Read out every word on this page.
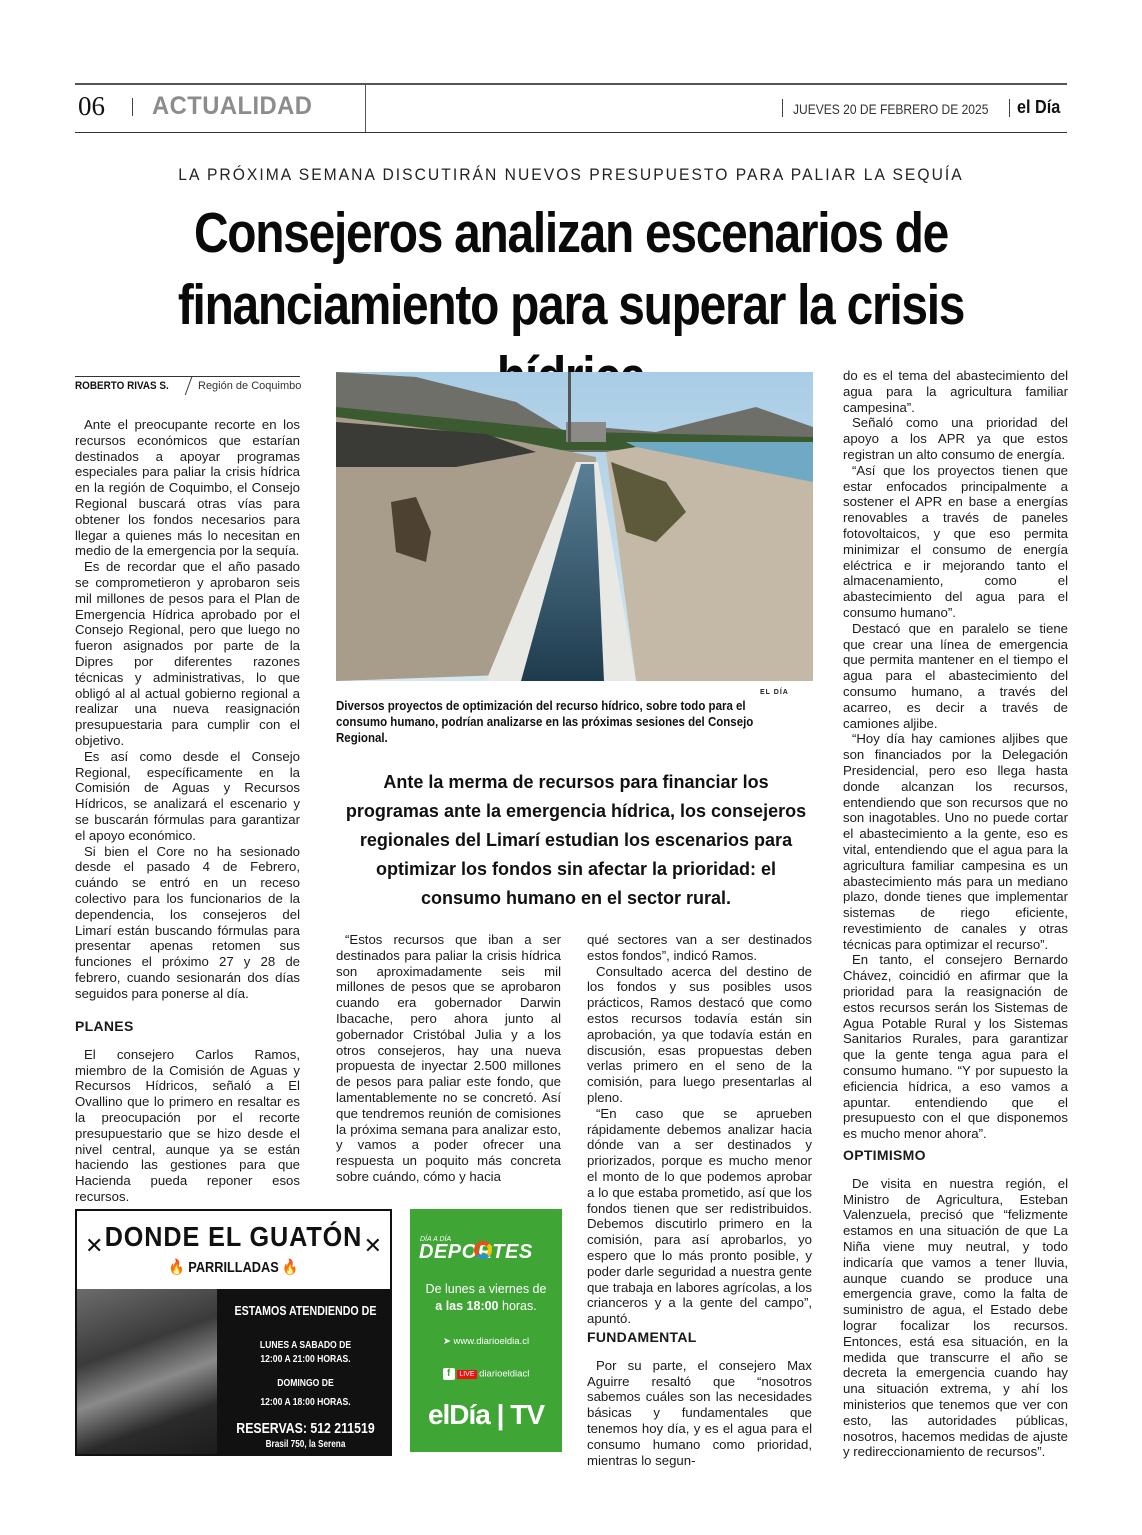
06 ACTUALIDAD	JUEVES 20 DE FEBRERO DE 2025 el Día
LA PRÓXIMA SEMANA DISCUTIRÁN NUEVOS PRESUPUESTO PARA PALIAR LA SEQUÍA
Consejeros analizan escenarios de financiamiento para superar la crisis
ROBERTO RIVAS S.	Región de Coquimbo

Ante el preocupante recorte en los recursos económicos que estarían destinados a apoyar programas especiales para paliar la crisis hídrica en la región de Coquimbo, el Consejo Regional buscará otras vías para obtener los fondos necesarios para llegar a quienes más lo necesitan en medio de la emergencia por la sequía.

Es de recordar que el año pasado se comprometieron y aprobaron seis mil millones de pesos para el Plan de Emergencia Hídrica aprobado por el Consejo Regional, pero que luego no fueron asignados por parte de la Dipres por diferentes razones técnicas y administrativas, lo que obligó al al actual gobierno regional a realizar una nueva reasignación presupuestaria para cumplir con el objetivo.

Es así como desde el Consejo Regional, específicamente en la Comisión de Aguas y Recursos Hídricos, se analizará el escenario y se buscarán fórmulas para garantizar el apoyo económico.

Si bien el Core no ha sesionado desde el pasado 4 de Febrero, cuándo se entró en un receso colectivo para los funcionarios de la dependencia, los consejeros del Limarí están buscando fórmulas para presentar apenas retomen sus funciones el próximo 27 y 28 de febrero, cuando sesionarán dos días seguidos para ponerse al día.

PLANES

El consejero Carlos Ramos, miembro de la Comisión de Aguas y Recursos Hídricos, señaló a El Ovallino que lo primero en resaltar es la preocupación por el recorte presupuestario que se hizo desde el nivel central, aunque ya se están haciendo las gestiones para que Hacienda pueda reponer esos recursos.

EL DÍA
Diversos proyectos de optimización del recurso hídrico, sobre todo para el consumo humano, podrían analizarse en las próximas sesiones del Consejo Regional.
Ante la merma de recursos para financiar los programas ante la emergencia hídrica, los consejeros regionales del Limarí estudian los escenarios para optimizar los fondos sin afectar la prioridad: el consumo humano en el sector rural.

“Estos recursos que iban a ser destinados para paliar la crisis hídrica son aproximadamente seis mil millones de pesos que se aprobaron cuando era gobernador Darwin Ibacache, pero ahora junto al gobernador Cristóbal Julia y a los otros consejeros, hay una nueva propuesta de inyectar 2.500 millones de pesos para paliar este fondo, que lamentablemente no se concretó. Así que tendremos reunión de comisiones la próxima semana para analizar esto, y vamos a poder ofrecer una respuesta un poquito más concreta sobre cuándo, cómo y hacia

qué sectores van a ser destinados estos fondos”, indicó Ramos.

Consultado acerca del destino de los fondos y sus posibles usos prácticos, Ramos destacó que como estos recursos todavía están sin aprobación, ya que todavía están en discusión, esas propuestas deben verlas primero en el seno de la comisión, para luego presentarlas al pleno.

“En caso que se aprueben rápidamente debemos analizar hacia dónde van a ser destinados y priorizados, porque es mucho menor el monto de lo que podemos aprobar a lo que estaba prometido, así que los fondos tienen que ser redistribuidos. Debemos discutirlo primero en la comisión, para así aprobarlos, yo espero que lo más pronto posible, y poder darle seguridad a nuestra gente que trabaja en labores agrícolas, a los crianceros y a la gente del campo”, apuntó.

FUNDAMENTAL

Por su parte, el consejero Max Aguirre resaltó que “nosotros sabemos cuáles son las necesidades básicas y fundamentales que tenemos hoy día, y es el agua para el consumo humano como prioridad, mientras lo segun-

do es el tema del abastecimiento del agua para la agricultura familiar campesina”.

Señaló como una prioridad del apoyo a los APR ya que estos registran un alto consumo de energía.

“Así que los proyectos tienen que estar enfocados principalmente a sostener el APR en base a energías renovables a través de paneles fotovoltaicos, y que eso permita minimizar el consumo de energía eléctrica e ir mejorando tanto el almacenamiento, como el abastecimiento del agua para el consumo humano”.

Destacó que en paralelo se tiene que crear una línea de emergencia que permita mantener en el tiempo el agua para el abastecimiento del consumo humano, a través del acarreo, es decir a través de camiones aljibe.

“Hoy día hay camiones aljibes que son financiados por la Delegación Presidencial, pero eso llega hasta donde alcanzan los recursos, entendiendo que son recursos que no son inagotables. Uno no puede cortar el abastecimiento a la gente, eso es vital, entendiendo que el agua para la agricultura familiar campesina es un abastecimiento más para un mediano plazo, donde tienes que implementar sistemas de riego eficiente, revestimiento de canales y otras técnicas para optimizar el recurso”.

En tanto, el consejero Bernardo Chávez, coincidió en afirmar que la prioridad para la reasignación de estos recursos serán los Sistemas de Agua Potable Rural y los Sistemas Sanitarios Rurales, para garantizar que la gente tenga agua para el consumo humano. “Y por supuesto la eficiencia hídrica, a eso vamos a apuntar. entendiendo que el presupuesto con el que disponemos es mucho menor ahora”.

OPTIMISMO

De visita en nuestra región, el Ministro de Agricultura, Esteban Valenzuela, precisó que “felizmente estamos en una situación de que La Niña viene muy neutral, y todo indicaría que vamos a tener lluvia, aunque cuando se produce una emergencia grave, como la falta de suministro de agua, el Estado debe lograr focalizar los recursos. Entonces, está esa situación, en la medida que transcurre el año se decreta la emergencia cuando hay una situación extrema, y ahí los ministerios que tenemos que ver con esto, las autoridades públicas, nosotros, hacemos medidas de ajuste y redireccionamiento de recursos”.

✕	✕
DONDE EL GUATÓN
🔥 PARRILLADAS 🔥
ESTAMOS ATENDIENDO DE
LUNES A SABADO DE
12:00 A 21:00 HORAS.
DOMINGO DE
12:00 A 18:00 HORAS.
RESERVAS: 512 211519
Brasil 750, la Serena
DÍA A DÍA
DEPORTES
De lunes a viernes de
a las 18:00 horas.
➤ www.diarioeldia.cl
f LIVE diarioeldiacl
elDía | TV
